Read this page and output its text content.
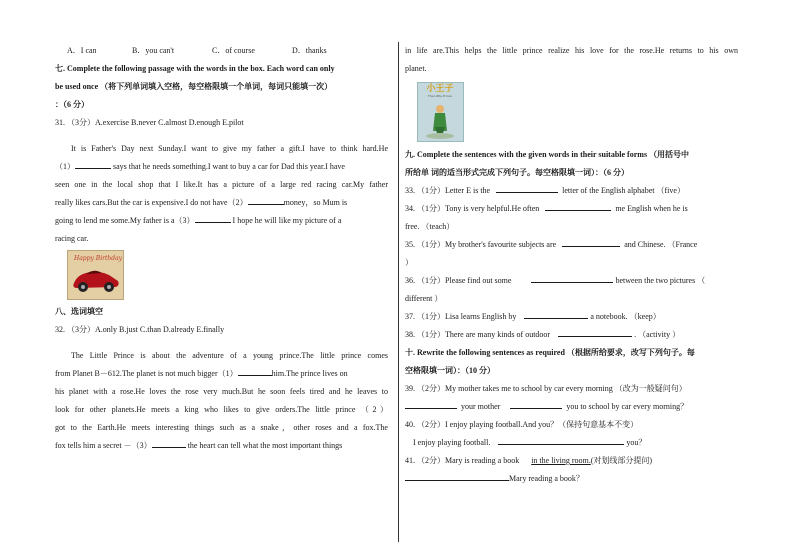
A．I can	B．you can't	C．of course	D．thanks
七. Complete the following passage with the words in the box. Each word can only
be used once （将下列单词填入空格，每空格限填一个单词，每词只能填一次）
：（6 分）
31. （3分）A.exercise B.never C.almost D.enough E.pilot
It is Father's Day next Sunday.I want to give my father a gift.I have to think hard.He
（1）	says that he needs something.I want to buy a car for Dad this year.I have
seen one in the local shop that I like.It has a picture of a large red racing car.My father
really likes cars.But the car is expensive.I do not have（2）	money，so Mum is
going to lend me some.My father is a（3）	I hope he will like my picture of a
racing car.
Happy Birthday
八、选词填空
32. （3分）A.only B.just C.than D.already E.finally
The Little Prince is about the adventure of a young prince.The little prince comes
from Planet B－612.The planet is not much bigger（1）	him.The prince lives on
his planet with a rose.He loves the rose very much.But he soon feels tired and he leaves to
look for other planets.He meets a king who likes to give orders.The little prince （2）
got to the Earth.He meets interesting things such as a snake，other roses and a fox.The
fox tells him a secret －（3）	the heart can tell what the most important things
in life are.This helps the little prince realize his love for the rose.He returns to his own
planet.
小王子
The Little Prince
九. Complete the sentences with the given words in their suitable forms （用括号中
所给单 词的适当形式完成下列句子。每空格限填一词）：（6 分）
33. （1分）Letter E is the	letter of the English alphabet （five）
34. （1分）Tony is very helpful.He often	me English when he is
free. （teach）
35. （1分）My brother's favourite subjects are	and Chinese. （France
）
36. （1分）Please find out some	between the two pictures （
different ）
37. （1分）Lisa learns English by	a notebook. （keep）
38. （1分）There are many kinds of outdoor	. （activity ）
十. Rewrite the following sentences as required （根据所给要求，改写下列句子。每
空格限填一词）：（10 分）
39. （2分）My mother takes me to school by car every morning （改为一般疑问句）
your mother	you to school by car every morning？
40. （2分）I enjoy playing football.And you？（保持句意基本不变）
I enjoy playing football.	you？
41. （2分）Mary is reading a book in the living room.(对划线部分提问)
Mary reading a book？
